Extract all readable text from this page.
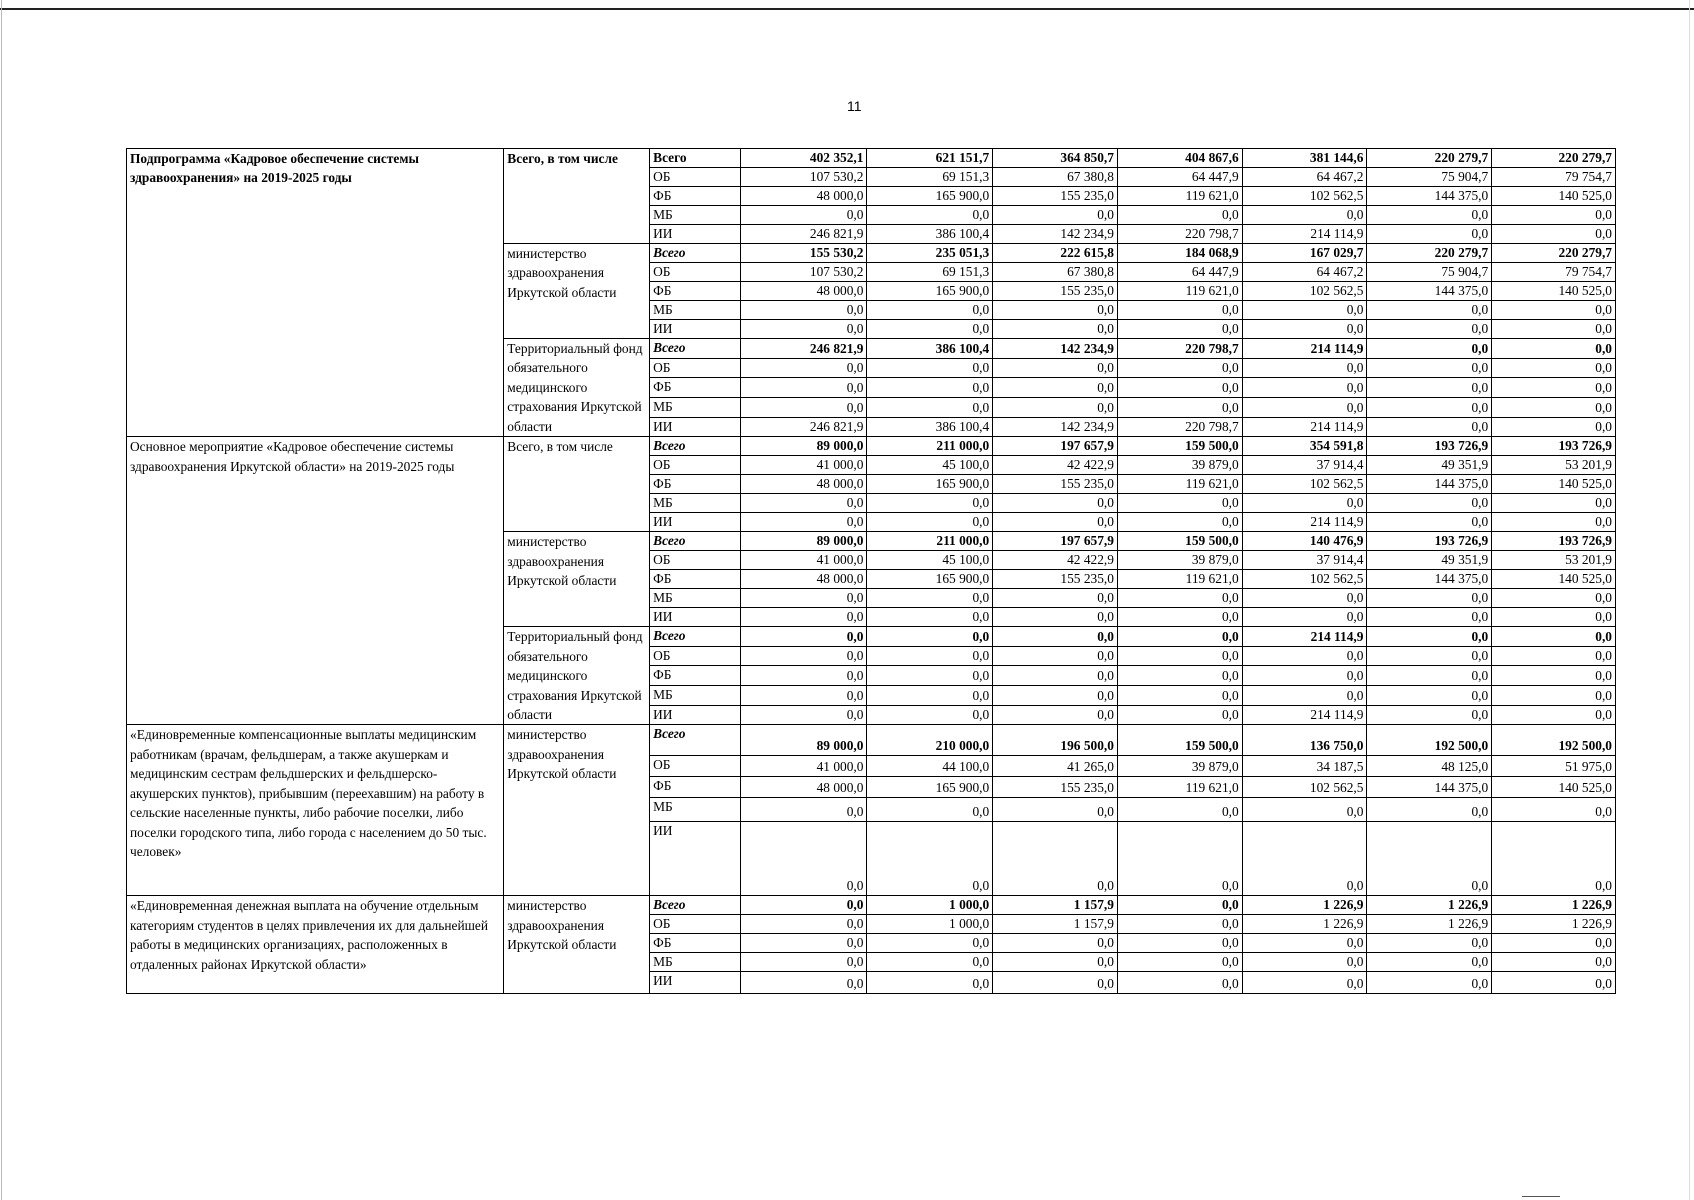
11
Подпрограмма «Кадровое обеспечение системы здравоохранения» на 2019-2025 годы	Всего, в том числе	Всего	402 352,1	621 151,7	364 850,7	404 867,6	381 144,6	220 279,7	220 279,7
		ОБ	107 530,2	69 151,3	67 380,8	64 447,9	64 467,2	75 904,7	79 754,7
		ФБ	48 000,0	165 900,0	155 235,0	119 621,0	102 562,5	144 375,0	140 525,0
		МБ	0,0	0,0	0,0	0,0	0,0	0,0	0,0
		ИИ	246 821,9	386 100,4	142 234,9	220 798,7	214 114,9	0,0	0,0
	министерство здравоохранения Иркутской области	Всего	155 530,2	235 051,3	222 615,8	184 068,9	167 029,7	220 279,7	220 279,7
		ОБ	107 530,2	69 151,3	67 380,8	64 447,9	64 467,2	75 904,7	79 754,7
		ФБ	48 000,0	165 900,0	155 235,0	119 621,0	102 562,5	144 375,0	140 525,0
		МБ	0,0	0,0	0,0	0,0	0,0	0,0	0,0
		ИИ	0,0	0,0	0,0	0,0	0,0	0,0	0,0
	Территориальный фонд обязательного медицинского страхования Иркутской области	Всего	246 821,9	386 100,4	142 234,9	220 798,7	214 114,9	0,0	0,0
		ОБ	0,0	0,0	0,0	0,0	0,0	0,0	0,0
		ФБ	0,0	0,0	0,0	0,0	0,0	0,0	0,0
		МБ	0,0	0,0	0,0	0,0	0,0	0,0	0,0
		ИИ	246 821,9	386 100,4	142 234,9	220 798,7	214 114,9	0,0	0,0
Основное мероприятие «Кадровое обеспечение системы здравоохранения Иркутской области» на 2019-2025 годы	Всего, в том числе	Всего	89 000,0	211 000,0	197 657,9	159 500,0	354 591,8	193 726,9	193 726,9
		ОБ	41 000,0	45 100,0	42 422,9	39 879,0	37 914,4	49 351,9	53 201,9
		ФБ	48 000,0	165 900,0	155 235,0	119 621,0	102 562,5	144 375,0	140 525,0
		МБ	0,0	0,0	0,0	0,0	0,0	0,0	0,0
		ИИ	0,0	0,0	0,0	0,0	214 114,9	0,0	0,0
	министерство здравоохранения Иркутской области	Всего	89 000,0	211 000,0	197 657,9	159 500,0	140 476,9	193 726,9	193 726,9
		ОБ	41 000,0	45 100,0	42 422,9	39 879,0	37 914,4	49 351,9	53 201,9
		ФБ	48 000,0	165 900,0	155 235,0	119 621,0	102 562,5	144 375,0	140 525,0
		МБ	0,0	0,0	0,0	0,0	0,0	0,0	0,0
		ИИ	0,0	0,0	0,0	0,0	0,0	0,0	0,0
	Территориальный фонд обязательного медицинского страхования Иркутской области	Всего	0,0	0,0	0,0	0,0	214 114,9	0,0	0,0
		ОБ	0,0	0,0	0,0	0,0	0,0	0,0	0,0
		ФБ	0,0	0,0	0,0	0,0	0,0	0,0	0,0
		МБ	0,0	0,0	0,0	0,0	0,0	0,0	0,0
		ИИ	0,0	0,0	0,0	0,0	214 114,9	0,0	0,0
«Единовременные компенсационные выплаты медицинским работникам (врачам, фельдшерам, а также акушеркам и медицинским сестрам фельдшерских и фельдшерско-акушерских пунктов), прибывшим (переехавшим) на работу в сельские населенные пункты, либо рабочие поселки, либо поселки городского типа, либо города с населением до 50 тыс. человек»	министерство здравоохранения Иркутской области	Всего	89 000,0	210 000,0	196 500,0	159 500,0	136 750,0	192 500,0	192 500,0
		ОБ	41 000,0	44 100,0	41 265,0	39 879,0	34 187,5	48 125,0	51 975,0
		ФБ	48 000,0	165 900,0	155 235,0	119 621,0	102 562,5	144 375,0	140 525,0
		МБ	0,0	0,0	0,0	0,0	0,0	0,0	0,0
		ИИ	0,0	0,0	0,0	0,0	0,0	0,0	0,0
«Единовременная денежная выплата на обучение отдельным категориям студентов в целях привлечения их для дальнейшей работы в медицинских организациях, расположенных в отдаленных районах Иркутской области»	министерство здравоохранения Иркутской области	Всего	0,0	1 000,0	1 157,9	0,0	1 226,9	1 226,9	1 226,9
		ОБ	0,0	1 000,0	1 157,9	0,0	1 226,9	1 226,9	1 226,9
		ФБ	0,0	0,0	0,0	0,0	0,0	0,0	0,0
		МБ	0,0	0,0	0,0	0,0	0,0	0,0	0,0
		ИИ	0,0	0,0	0,0	0,0	0,0	0,0	0,0
